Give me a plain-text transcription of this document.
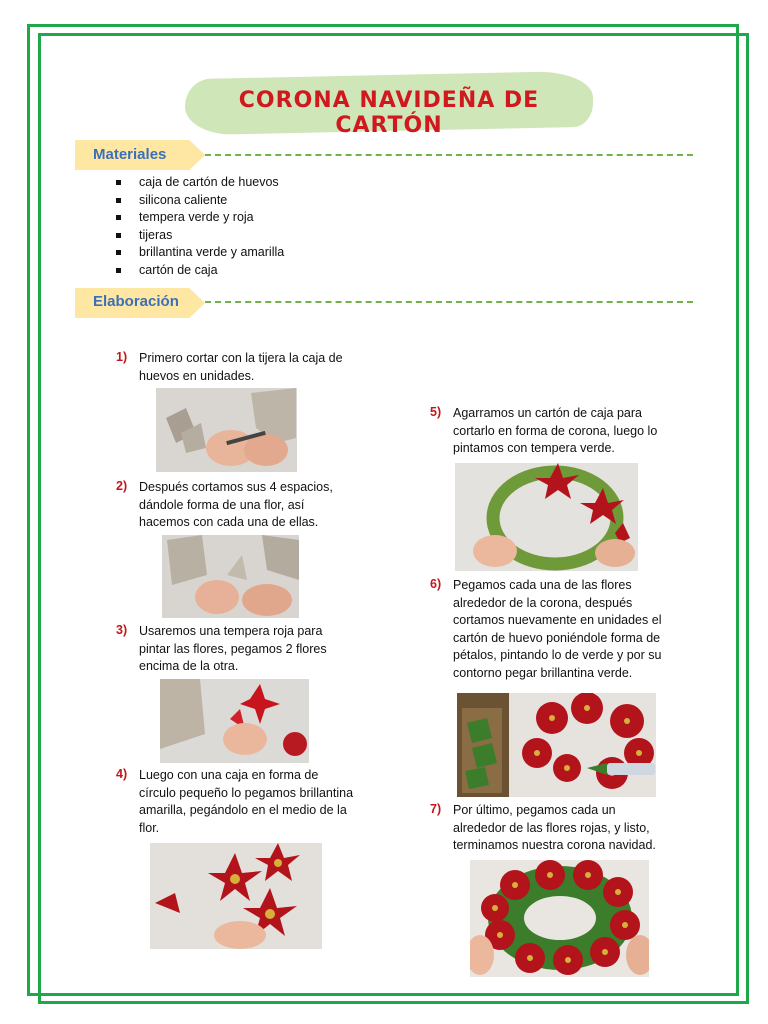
CORONA NAVIDEÑA DE CARTÓN
Materiales
caja de cartón de huevos
silicona caliente
tempera verde y roja
tijeras
brillantina verde y amarilla
cartón de caja
Elaboración
1) Primero cortar con la tijera la caja de huevos en unidades.
2) Después cortamos sus 4 espacios, dándole forma de una flor, así hacemos con cada una de ellas.
3) Usaremos una tempera roja para pintar las flores, pegamos 2 flores encima de la otra.
4) Luego con una caja en forma de círculo pequeño lo pegamos brillantina amarilla, pegándolo en el medio de la flor.
5) Agarramos un cartón de caja para cortarlo en forma de corona, luego lo pintamos con tempera verde.
6) Pegamos cada una de las flores alrededor de la corona, después cortamos nuevamente en unidades el cartón de huevo poniéndole forma de pétalos, pintando lo de verde y por su contorno pegar brillantina verde.
7) Por último, pegamos cada un alrededor de las flores rojas, y listo, terminamos nuestra corona navidad.
